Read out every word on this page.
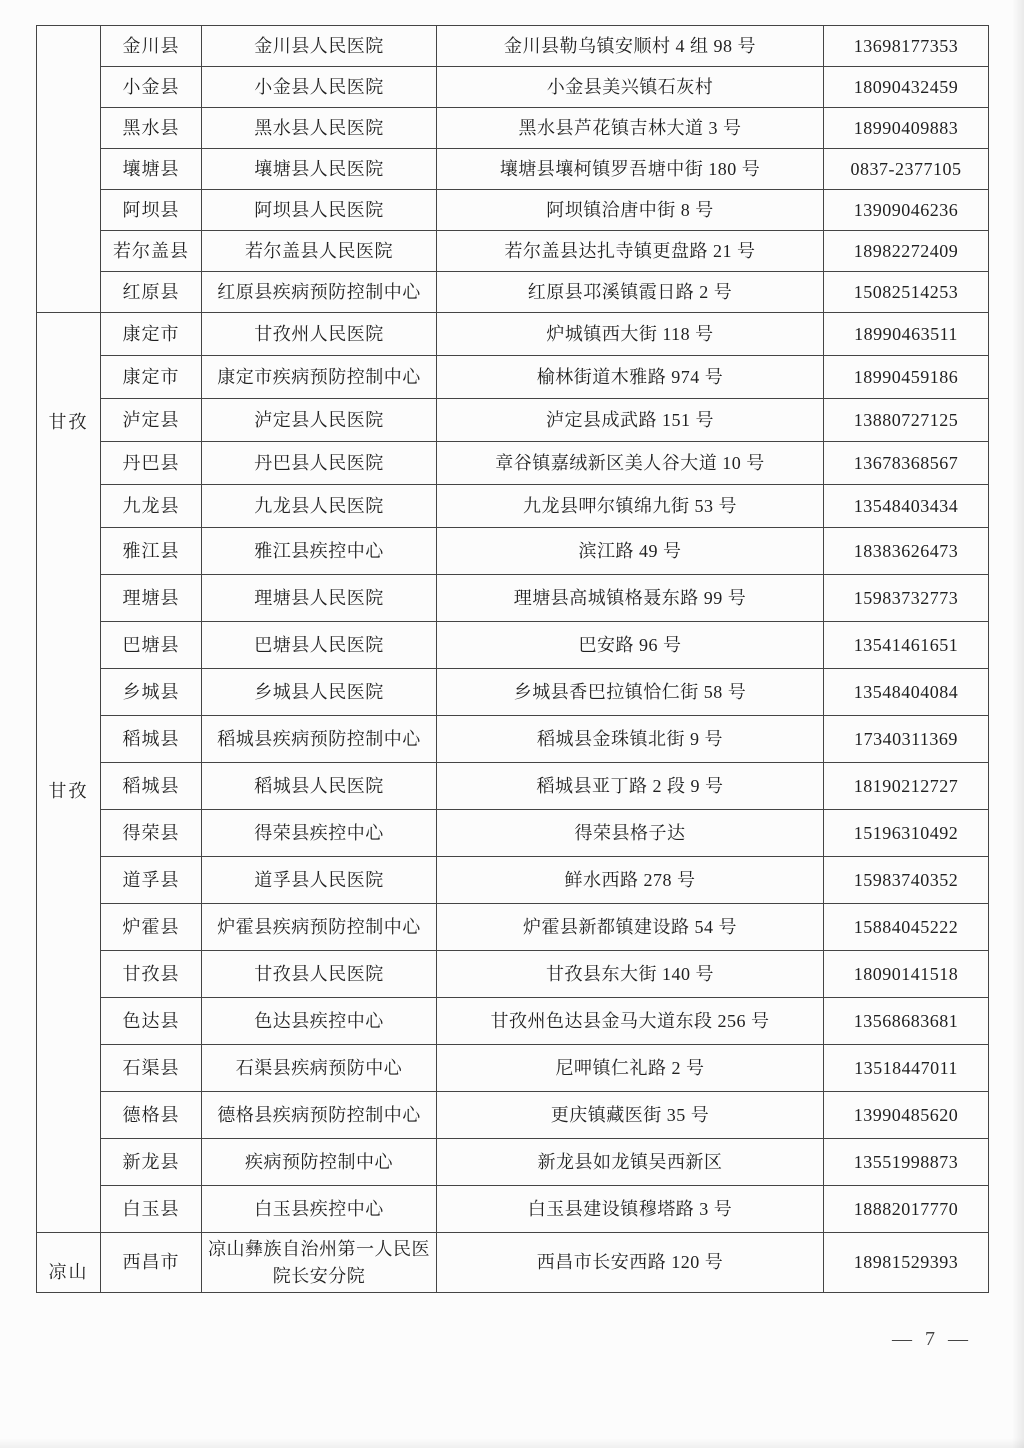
	金川县	金川县人民医院	金川县勒乌镇安顺村 4 组 98 号	13698177353
	小金县	小金县人民医院	小金县美兴镇石灰村	18090432459
	黑水县	黑水县人民医院	黑水县芦花镇吉林大道 3 号	18990409883
	壤塘县	壤塘县人民医院	壤塘县壤柯镇罗吾塘中街 180 号	0837-2377105
	阿坝县	阿坝县人民医院	阿坝镇洽唐中街 8 号	13909046236
	若尔盖县	若尔盖县人民医院	若尔盖县达扎寺镇更盘路 21 号	18982272409
	红原县	红原县疾病预防控制中心	红原县邛溪镇霞日路 2 号	15082514253

甘孜
甘孜	康定市	甘孜州人民医院	炉城镇西大街 118 号	18990463511
	康定市	康定市疾病预防控制中心	榆林街道木雅路 974 号	18990459186
	泸定县	泸定县人民医院	泸定县成武路 151 号	13880727125
	丹巴县	丹巴县人民医院	章谷镇嘉绒新区美人谷大道 10 号	13678368567
	九龙县	九龙县人民医院	九龙县呷尔镇绵九街 53 号	13548403434
	雅江县	雅江县疾控中心	滨江路 49 号	18383626473
	理塘县	理塘县人民医院	理塘县高城镇格聂东路 99 号	15983732773
	巴塘县	巴塘县人民医院	巴安路 96 号	13541461651
	乡城县	乡城县人民医院	乡城县香巴拉镇恰仁街 58 号	13548404084
	稻城县	稻城县疾病预防控制中心	稻城县金珠镇北街 9 号	17340311369
	稻城县	稻城县人民医院	稻城县亚丁路 2 段 9 号	18190212727
	得荣县	得荣县疾控中心	得荣县格子达	15196310492
	道孚县	道孚县人民医院	鲜水西路 278 号	15983740352
	炉霍县	炉霍县疾病预防控制中心	炉霍县新都镇建设路 54 号	15884045222
	甘孜县	甘孜县人民医院	甘孜县东大街 140 号	18090141518
	色达县	色达县疾控中心	甘孜州色达县金马大道东段 256 号	13568683681
	石渠县	石渠县疾病预防中心	尼呷镇仁礼路 2 号	13518447011
	德格县	德格县疾病预防控制中心	更庆镇藏医街 35 号	13990485620
	新龙县	疾病预防控制中心	新龙县如龙镇吴西新区	13551998873
	白玉县	白玉县疾控中心	白玉县建设镇穆塔路 3 号	18882017770

凉山	西昌市	凉山彝族自治州第一人民医院长安分院	西昌市长安西路 120 号	18981529393
— 7 —
